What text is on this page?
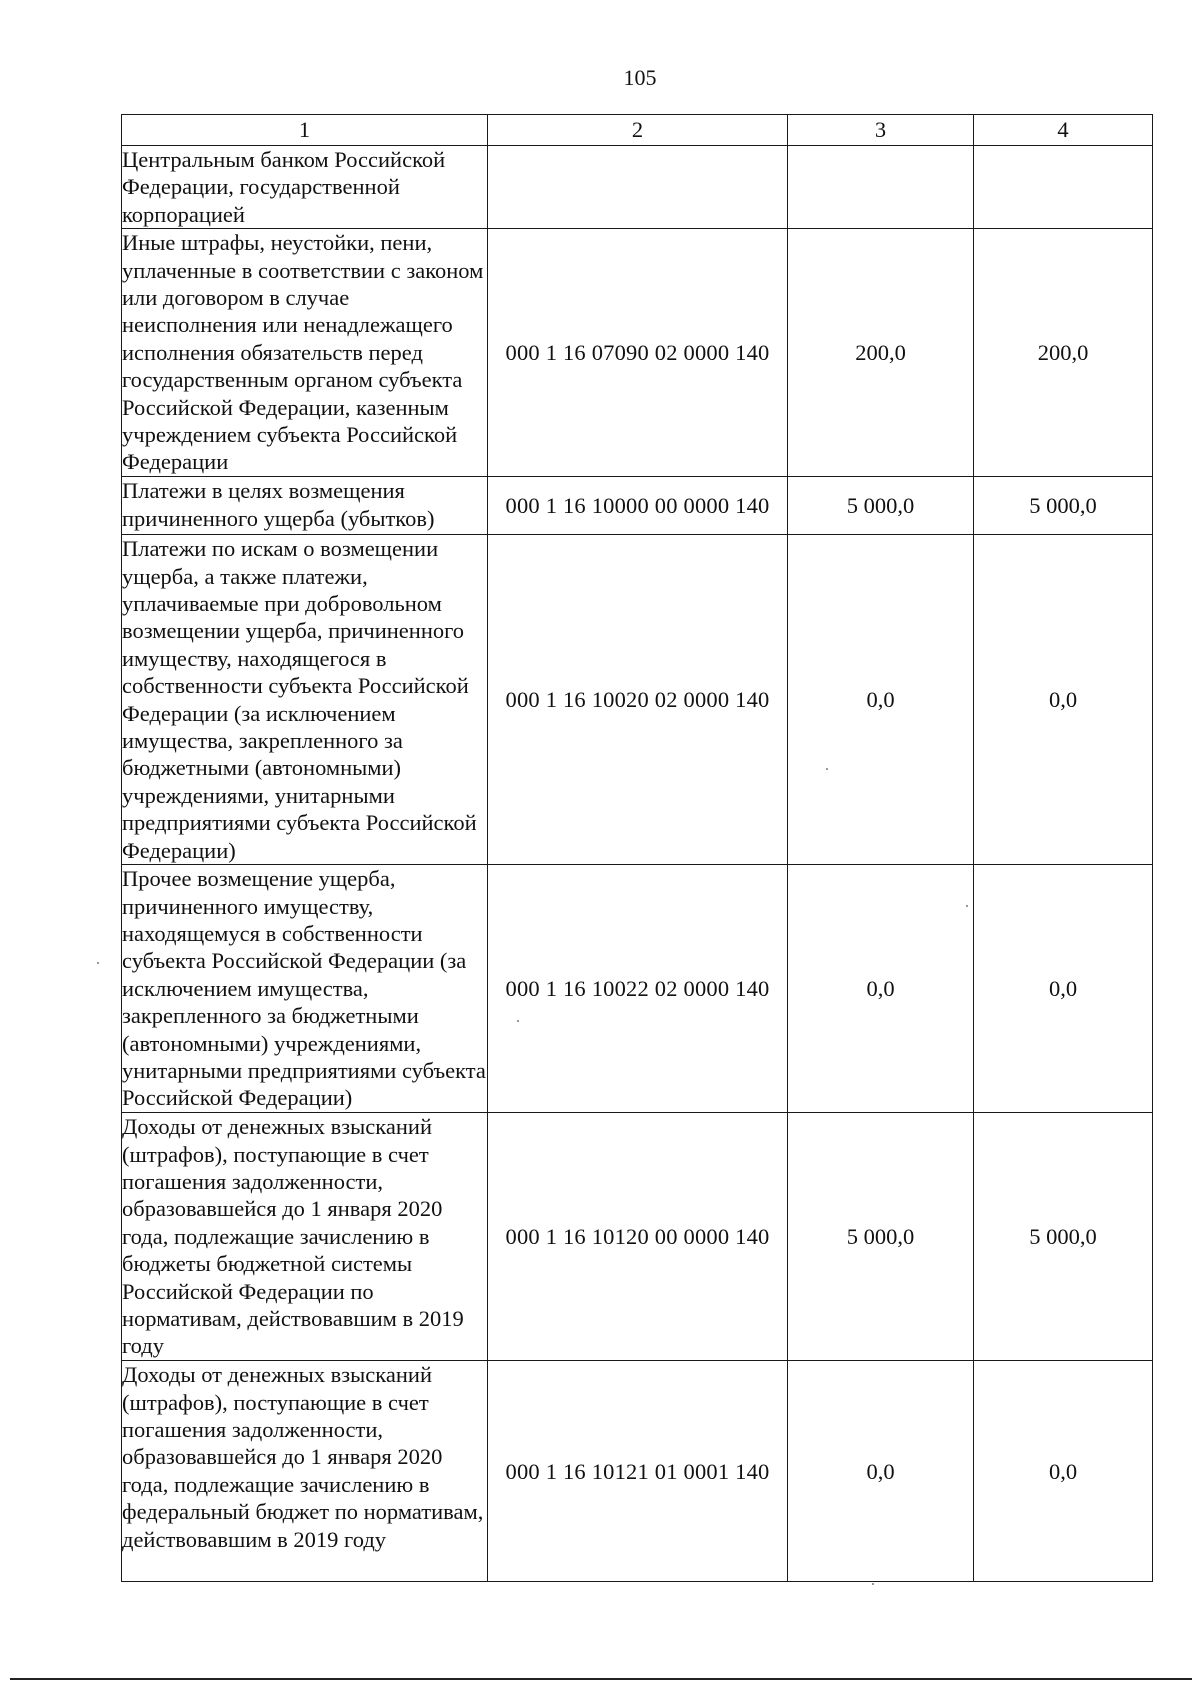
105
1	2	3	4
Центральным банком Российской Федерации, государственной корпорацией			
Иные штрафы, неустойки, пени, уплаченные в соответствии с законом или договором в случае неисполнения или ненадлежащего исполнения обязательств перед государственным органом субъекта Российской Федерации, казенным учреждением субъекта Российской Федерации	000 1 16 07090 02 0000 140	200,0	200,0
Платежи в целях возмещения причиненного ущерба (убытков)	000 1 16 10000 00 0000 140	5 000,0	5 000,0
Платежи по искам о возмещении ущерба, а также платежи, уплачиваемые при добровольном возмещении ущерба, причиненного имуществу, находящегося в собственности субъекта Российской Федерации (за исключением имущества, закрепленного за бюджетными (автономными) учреждениями, унитарными предприятиями субъекта Российской Федерации)	000 1 16 10020 02 0000 140	0,0	0,0
Прочее возмещение ущерба, причиненного имуществу, находящемуся в собственности субъекта Российской Федерации (за исключением имущества, закрепленного за бюджетными (автономными) учреждениями, унитарными предприятиями субъекта Российской Федерации)	000 1 16 10022 02 0000 140	0,0	0,0
Доходы от денежных взысканий (штрафов), поступающие в счет погашения задолженности, образовавшейся до 1 января 2020 года, подлежащие зачислению в бюджеты бюджетной системы Российской Федерации по нормативам, действовавшим в 2019 году	000 1 16 10120 00 0000 140	5 000,0	5 000,0
Доходы от денежных взысканий (штрафов), поступающие в счет погашения задолженности, образовавшейся до 1 января 2020 года, подлежащие зачислению в федеральный бюджет по нормативам, действовавшим в 2019 году	000 1 16 10121 01 0001 140	0,0	0,0
